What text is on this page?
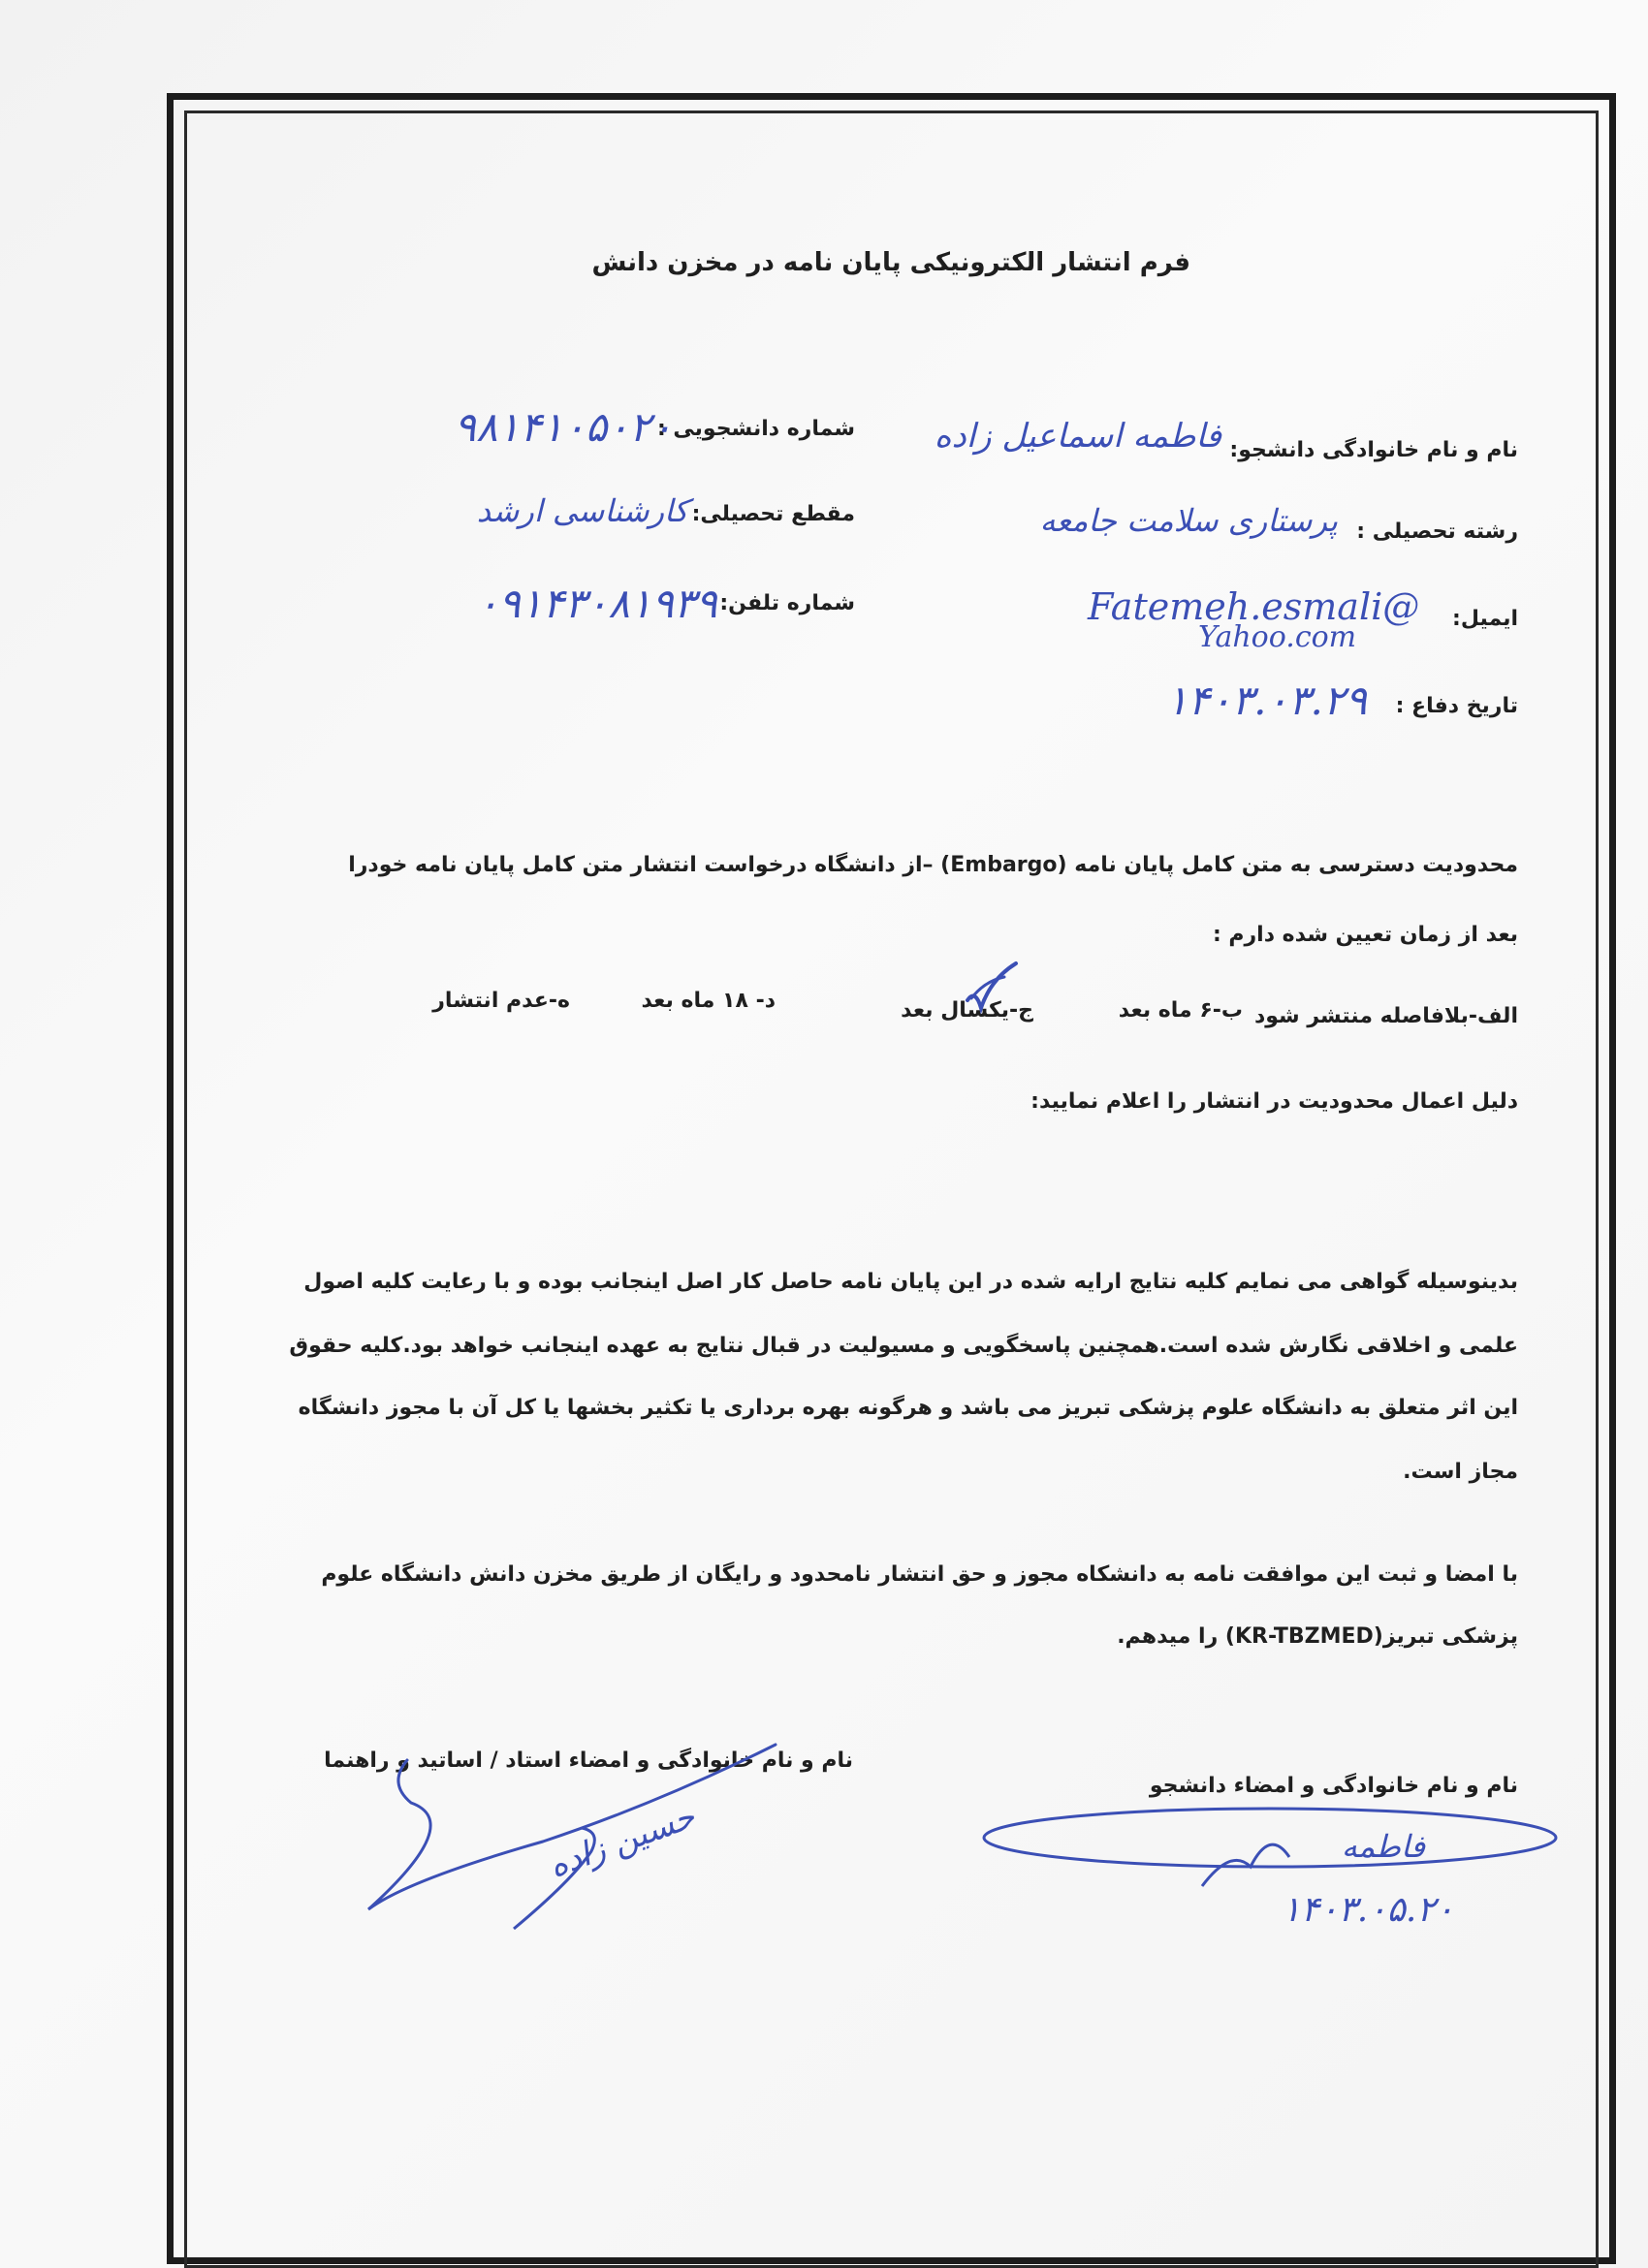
فرم انتشار الکترونیکی پایان نامه در مخزن دانش
نام و نام خانوادگی دانشجو:
فاطمه اسماعیل زاده
شماره دانشجویی :
۹۸۱۴۱۰۵۰۲۰
رشته تحصیلی :
پرستاری سلامت جامعه
مقطع تحصیلی:
کارشناسی ارشد
ایمیل:
Fatemeh.esmali@
Yahoo.com
شماره تلفن:
۰۹۱۴۳۰۸۱۹۳۹
تاریخ دفاع :
۱۴۰۳.۰۳.۲۹
محدودیت دسترسی به متن کامل پایان نامه (Embargo) –از دانشگاه درخواست انتشار متن کامل پایان نامه خودرا
بعد از زمان تعیین شده دارم :
الف-بلافاصله منتشر شود
ب-۶ ماه بعد
ج-یکسال بعد
د- ۱۸ ماه بعد
ه-عدم انتشار
دلیل اعمال محدودیت در انتشار را اعلام نمایید:
بدینوسیله گواهی می نمایم کلیه نتایج ارایه شده در این پایان نامه حاصل کار اصل اینجانب بوده و با رعایت کلیه اصول
علمی و اخلاقی نگارش شده است.همچنین پاسخگویی و مسیولیت در قبال نتایج به عهده اینجانب خواهد بود.کلیه حقوق
این اثر متعلق به دانشگاه علوم پزشکی تبریز می باشد و هرگونه بهره برداری یا تکثیر بخشها یا کل آن با مجوز دانشگاه
مجاز است.
با امضا و ثبت این موافقت نامه به دانشکاه مجوز و حق انتشار نامحدود و رایگان از طریق مخزن دانش دانشگاه علوم
پزشکی تبریز(KR-TBZMED) را میدهم.
نام و نام خانوادگی و امضاء دانشجو
نام و نام خانوادگی و امضاء استاد / اساتید و راهنما
حسین زاده	فاطمه
۱۴۰۳.۰۵.۲۰
